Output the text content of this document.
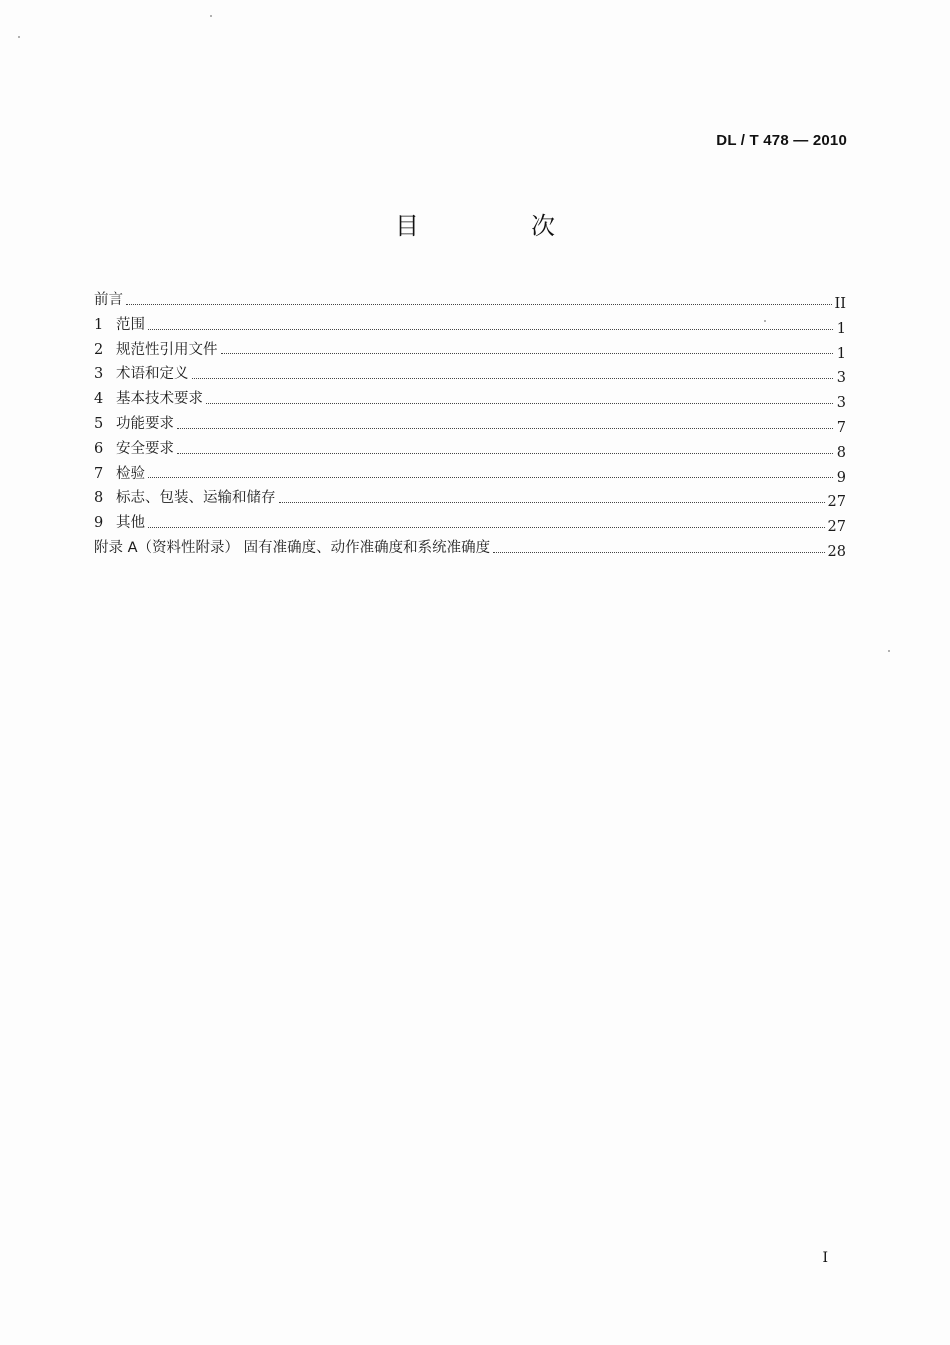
DL / T 478 — 2010
目　次
前言	II
1 范围	1
2 规范性引用文件	1
3 术语和定义	3
4 基本技术要求	3
5 功能要求	7
6 安全要求	8
7 检验	9
8 标志、包装、运输和储存	27
9 其他	27
附录 A（资料性附录） 固有准确度、动作准确度和系统准确度	28
I
